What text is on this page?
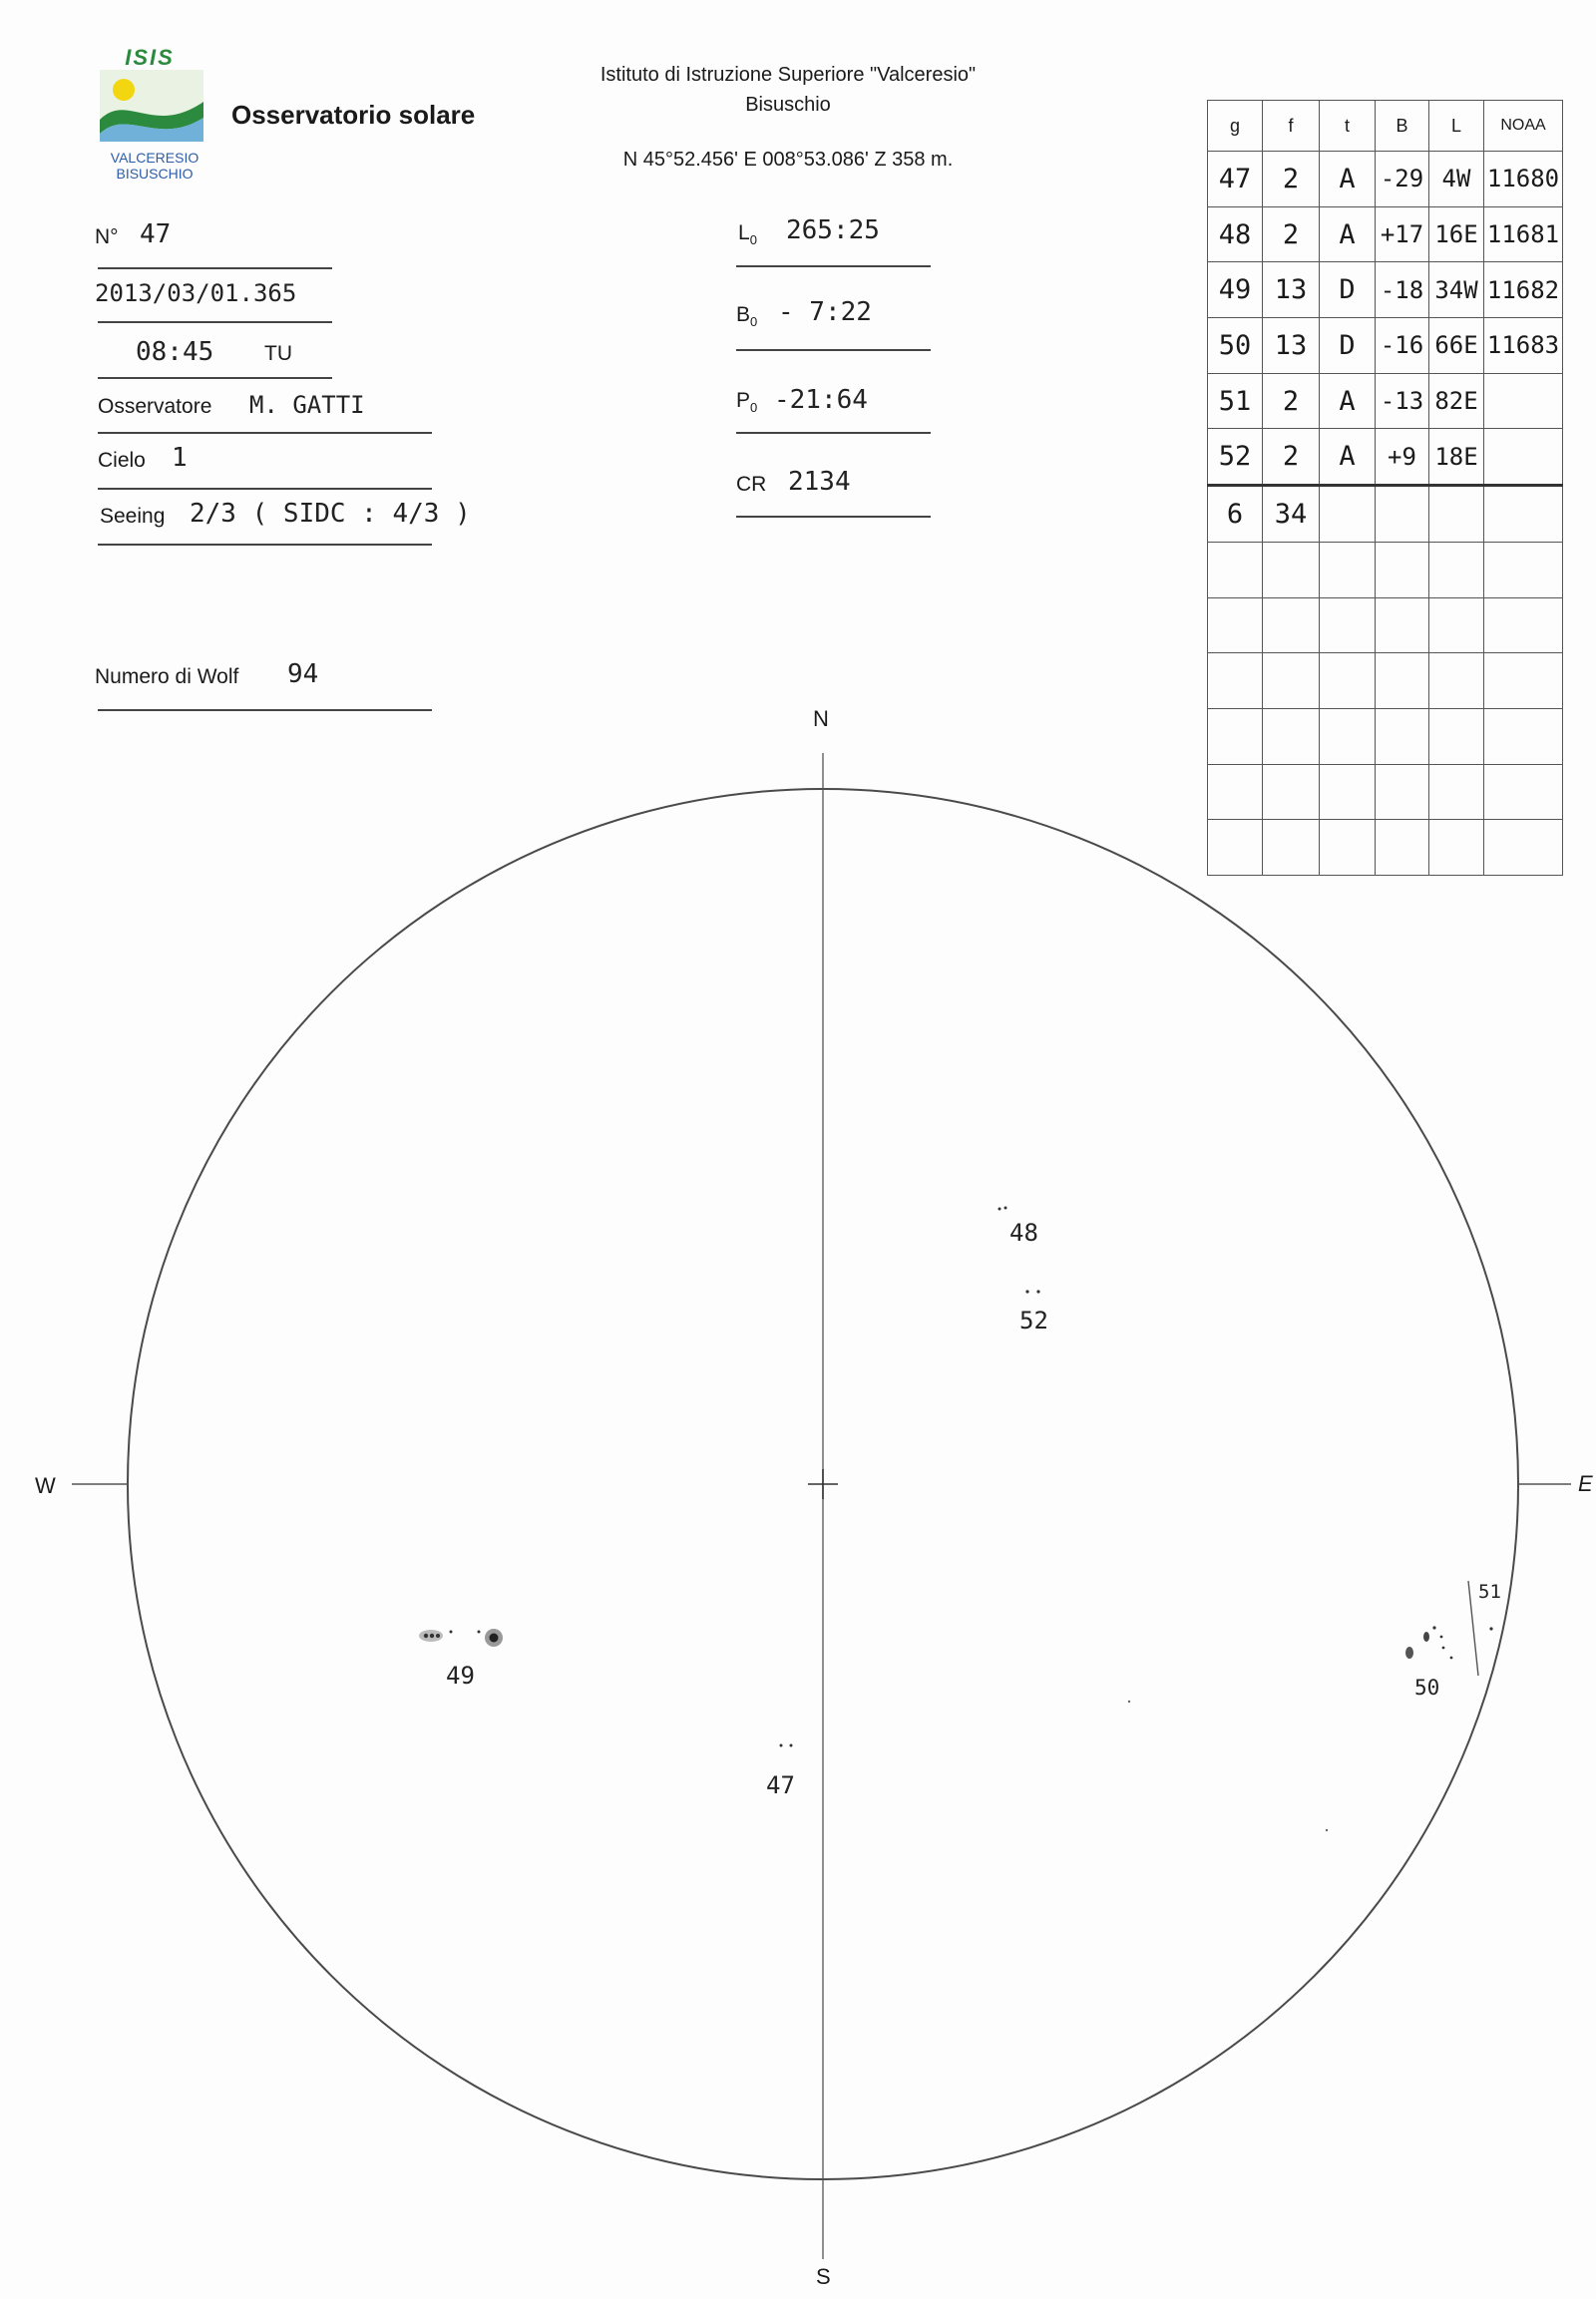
ISIS
VALCERESIO
BISUSCHIO
Osservatorio solare
Istituto di Istruzione Superiore "Valceresio"
Bisuschio
N 45°52.456' E 008°53.086' Z 358 m.
N° 47
2013/03/01.365
08:45 TU
Osservatore M. GATTI
Cielo 1
Seeing 2/3 ( SIDC : 4/3 )
Numero di Wolf 94
$L_0$ 265:25
$B_0$ - 7:22
$P_0$ -21:64
CR 2134
g	f	t	B	L	NOAA
47	2	A	-29	4W	11680
48	2	A	+17	16E	11681
49	13	D	-18	34W	11682
50	13	D	-16	66E	11683
51	2	A	-13	82E	
52	2	A	+9	18E	
6	34				

N
S
W	E
48
52
49
47
50
51
